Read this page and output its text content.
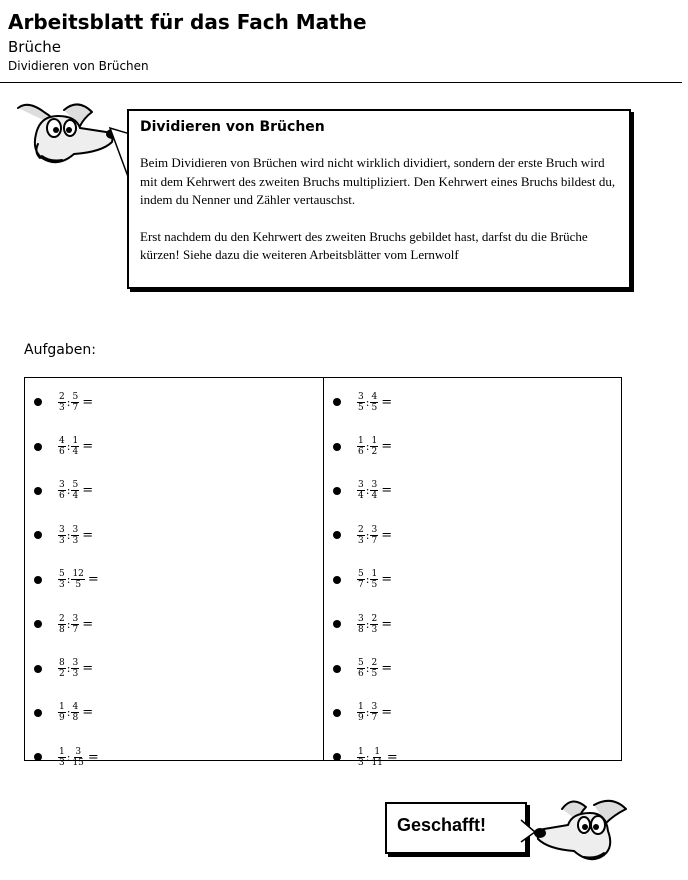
Arbeitsblatt für das Fach Mathe
Brüche
Dividieren von Brüchen
Dividieren von Brüchen

Beim Dividieren von Brüchen wird nicht wirklich dividiert, sondern der erste Bruch wird mit dem Kehrwert des zweiten Bruchs multipliziert. Den Kehrwert eines Bruchs bildest du, indem du Nenner und Zähler vertauschst.

Erst nachdem du den Kehrwert des zweiten Bruchs gebildet hast, darfst du die Brüche kürzen! Siehe dazu die weiteren Arbeitsblätter vom Lernwolf

Aufgaben:
$\frac{2}{3}$ : $\frac{5}{7}$ =
$\frac{4}{6}$ : $\frac{1}{4}$ =
$\frac{3}{6}$ : $\frac{5}{4}$ =
$\frac{3}{3}$ : $\frac{3}{3}$ =
$\frac{5}{3}$ : $\frac{12}{5}$ =
$\frac{2}{8}$ : $\frac{3}{7}$ =
$\frac{8}{2}$ : $\frac{3}{3}$ =
$\frac{1}{9}$ : $\frac{4}{8}$ =
$\frac{1}{3}$ : $\frac{3}{15}$ =
$\frac{3}{5}$ : $\frac{4}{5}$ =
$\frac{1}{6}$ : $\frac{1}{2}$ =
$\frac{3}{4}$ : $\frac{3}{4}$ =
$\frac{2}{3}$ : $\frac{3}{7}$ =
$\frac{5}{7}$ : $\frac{1}{5}$ =
$\frac{3}{8}$ : $\frac{2}{3}$ =
$\frac{5}{6}$ : $\frac{2}{5}$ =
$\frac{1}{9}$ : $\frac{3}{7}$ =
$\frac{1}{3}$ : $\frac{1}{11}$ =
Geschafft!
